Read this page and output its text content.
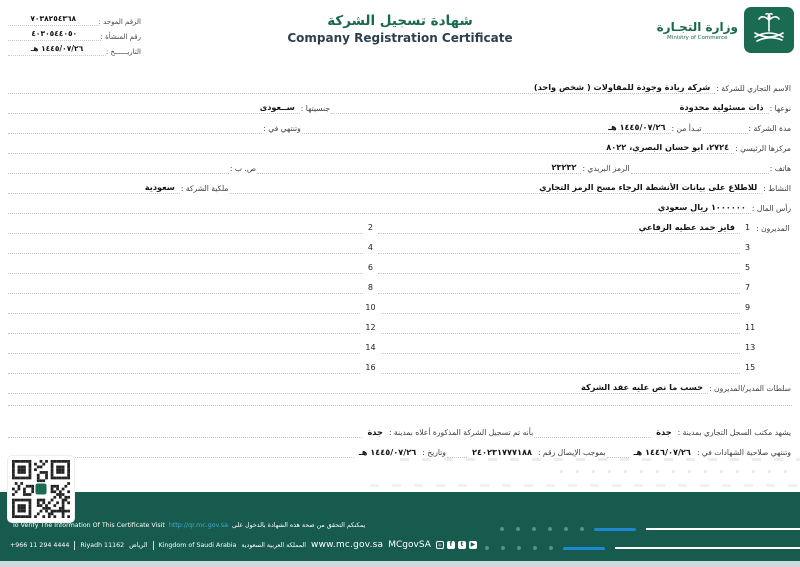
الرقم الموحد :
٧٠٣٨٢٥٤٣٦٨
رقم المنشأة :
٤٠٣٠٥٤٤٠٥٠
التاريــــــخ :
١٤٤٥/٠٧/٢٦ هـ
شهادة تسجيل الشركة
Company Registration Certificate
وزارة التجـارة
Ministry of Commerce
الاسم التجاري للشركة :
شركة ريادة وجودة للمقاولات ( شخص واحد)
نوعها :
ذات مسئولية محدودة
جنسيتها :
ســعودى
مدة الشركة :
تبـدأ من :
١٤٤٥/٠٧/٢٦ هـ
وتنتهي في :
مركزها الرئيسي :
٢٧٢٤، ابو حسان البصري، ٨٠٢٢
هاتف :
الرمز البريدي :
٢٣٢٣٢
ص. ب :
النشاط :
للاطلاع على بيانات الأنشطة الرجاء مسح الرمز التجاري
ملكية الشركة :
سعودية
رأس المال :
١٠٠٠٠٠٠ ريال سعودي
المديرون :
1
فايز حمد عطيه الرفاعي
2
3
4
5
6
7
8
9
10
11
12
13
14
15
16
سلطات المدير/المديرون :
حسب ما نص عليه عقد الشركة
يشهد مكتب السجل التجاري بمدينة :
جدة
بأنه تم تسجيل الشركة المذكورة أعلاه بمدينة :
جدة
وتنتهي صلاحية الشهادات في :
١٤٤٦/٠٧/٢٦ هـ
بموجب الإيصال رقم :
٢٤٠٢٣١٧٧٧١٨٨
وتاريخ :
١٤٤٥/٠٧/٢٦ هـ
To Verify The Information Of This Certificate Visit http://qr.mc.gov.sa يمكنكم التحقق من صحة هذه الشهادة بالدخول على
+966 11 294 4444 Riyadh 11162 الرياض Kingdom of Saudi Arabia المملكة العربية السعودية www.mc.gov.sa MCgovSA	◎	f	t	▶
